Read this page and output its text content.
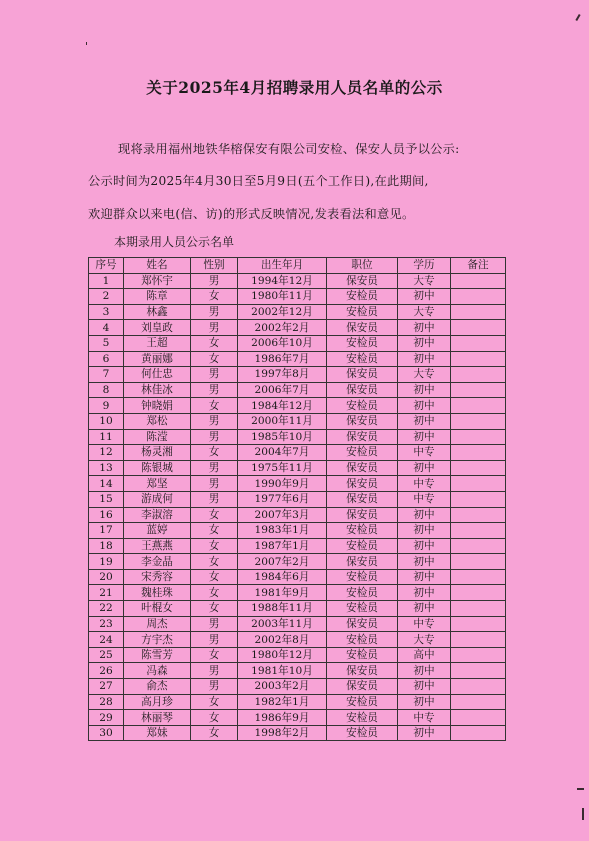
关于2025年4月招聘录用人员名单的公示
现将录用福州地铁华榕保安有限公司安检、保安人员予以公示:
公示时间为2025年4月30日至5月9日(五个工作日),在此期间,
欢迎群众以来电(信、访)的形式反映情况,发表看法和意见。
本期录用人员公示名单
序号	姓名	性别	出生年月	职位	学历	备注
1	郑怀宇	男	1994年12月	保安员	大专	
2	陈章	女	1980年11月	安检员	初中	
3	林鑫	男	2002年12月	安检员	大专	
4	刘皇政	男	2002年2月	保安员	初中	
5	王超	女	2006年10月	安检员	初中	
6	黄丽娜	女	1986年7月	安检员	初中	
7	何仕忠	男	1997年8月	保安员	大专	
8	林佳冰	男	2006年7月	保安员	初中	
9	钟晓娟	女	1984年12月	安检员	初中	
10	郑松	男	2000年11月	保安员	初中	
11	陈滢	男	1985年10月	保安员	初中	
12	杨灵湘	女	2004年7月	安检员	中专	
13	陈银城	男	1975年11月	保安员	初中	
14	郑坚	男	1990年9月	保安员	中专	
15	游成何	男	1977年6月	保安员	中专	
16	李淑溶	女	2007年3月	保安员	初中	
17	蓝婷	女	1983年1月	安检员	初中	
18	王燕燕	女	1987年1月	安检员	初中	
19	李金晶	女	2007年2月	保安员	初中	
20	宋秀容	女	1984年6月	安检员	初中	
21	魏桂珠	女	1981年9月	安检员	初中	
22	叶棍女	女	1988年11月	安检员	初中	
23	周杰	男	2003年11月	保安员	中专	
24	方宇杰	男	2002年8月	安检员	大专	
25	陈雪芳	女	1980年12月	安检员	高中	
26	冯森	男	1981年10月	保安员	初中	
27	俞杰	男	2003年2月	保安员	初中	
28	高月珍	女	1982年1月	安检员	初中	
29	林丽琴	女	1986年9月	安检员	中专	
30	郑妹	女	1998年2月	安检员	初中	
